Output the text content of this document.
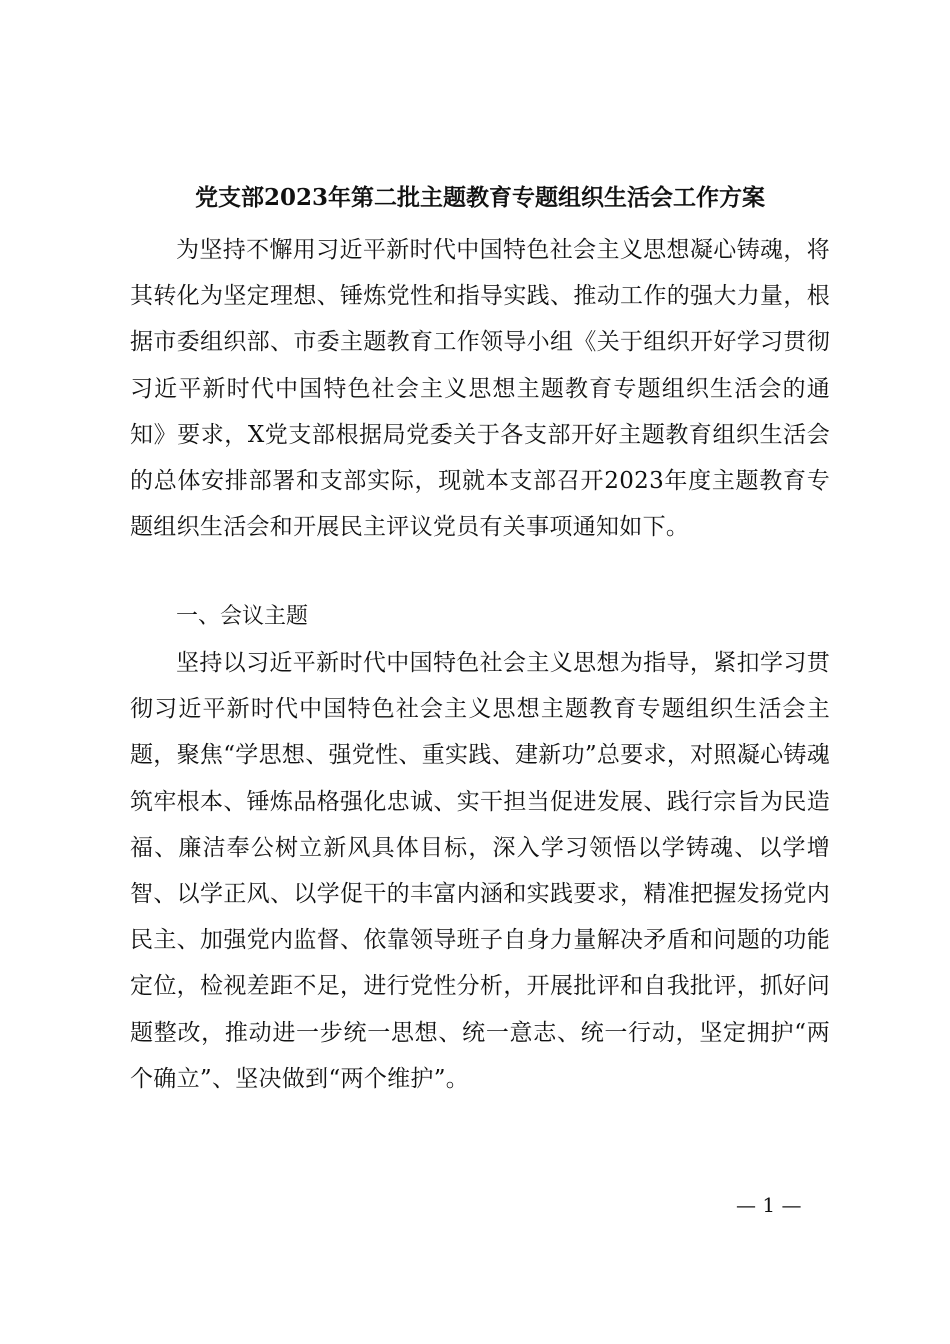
党支部2023年第二批主题教育专题组织生活会工作方案

为坚持不懈用习近平新时代中国特色社会主义思想凝心铸魂，将其转化为坚定理想、锤炼党性和指导实践、推动工作的强大力量，根据市委组织部、市委主题教育工作领导小组《关于组织开好学习贯彻习近平新时代中国特色社会主义思想主题教育专题组织生活会的通知》要求，X党支部根据局党委关于各支部开好主题教育组织生活会的总体安排部署和支部实际，现就本支部召开2023年度主题教育专题组织生活会和开展民主评议党员有关事项通知如下。

一、会议主题

坚持以习近平新时代中国特色社会主义思想为指导，紧扣学习贯彻习近平新时代中国特色社会主义思想主题教育专题组织生活会主题，聚焦“学思想、强党性、重实践、建新功”总要求，对照凝心铸魂筑牢根本、锤炼品格强化忠诚、实干担当促进发展、践行宗旨为民造福、廉洁奉公树立新风具体目标，深入学习领悟以学铸魂、以学增智、以学正风、以学促干的丰富内涵和实践要求，精准把握发扬党内民主、加强党内监督、依靠领导班子自身力量解决矛盾和问题的功能定位，检视差距不足，进行党性分析，开展批评和自我批评，抓好问题整改，推动进一步统一思想、统一意志、统一行动，坚定拥护“两个确立”、坚决做到“两个维护”。

— 1 —
